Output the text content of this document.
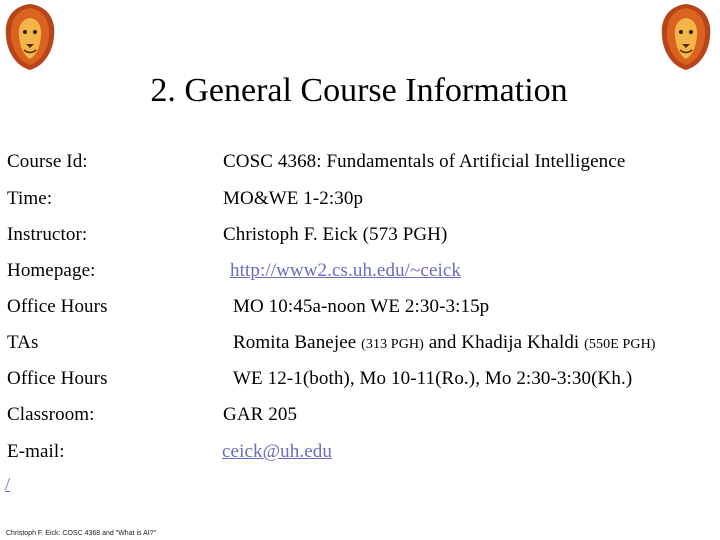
2. General Course Information
Course Id:	COSC 4368: Fundamentals of Artificial Intelligence
Time:	MO&WE 1-2:30p
Instructor:	Christoph F. Eick (573 PGH)
Homepage:	http://www2.cs.uh.edu/~ceick
Office Hours	MO 10:45a-noon WE 2:30-3:15p
TAs	Romita Banejee (313 PGH) and Khadija Khaldi (550E PGH)
Office Hours	WE 12-1(both), Mo 10-11(Ro.), Mo 2:30-3:30(Kh.)
Classroom:	GAR 205
E-mail:	ceick@uh.edu
/
Christoph F. Eick: COSC 4368 and "What is AI?"
